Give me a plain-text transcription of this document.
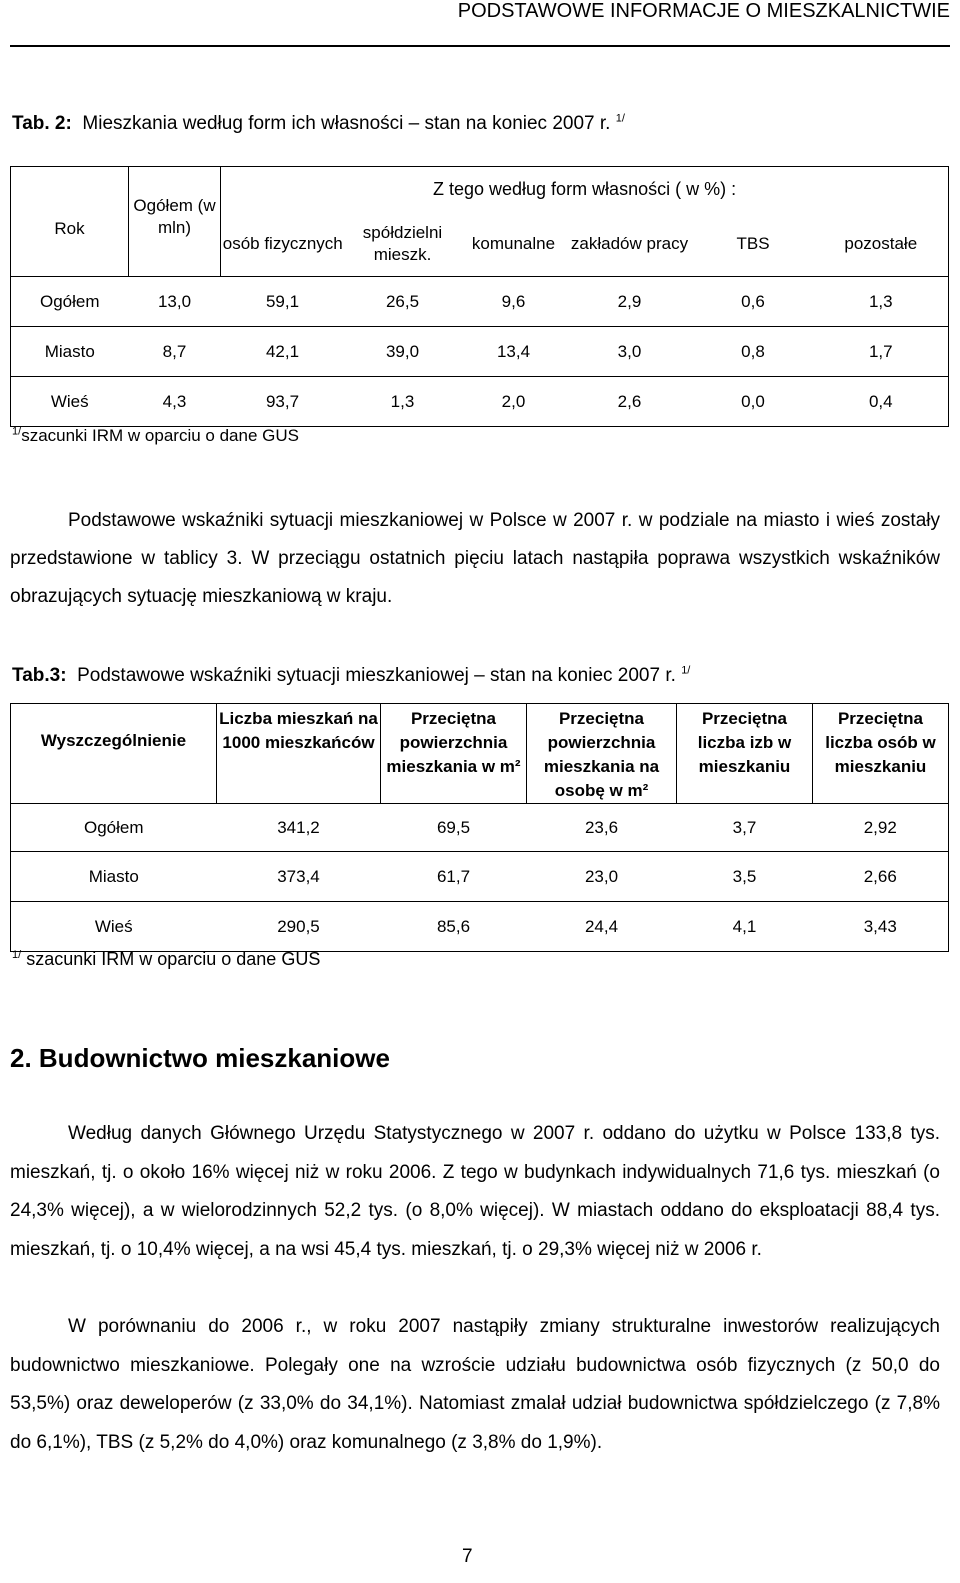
PODSTAWOWE INFORMACJE O MIESZKALNICTWIE
Tab. 2: Mieszkania według form ich własności – stan na koniec 2007 r. $^{1/}$
Rok	Ogółem (w mln)	Z tego według form własności ( w %) :					
		osób fizycznych	spółdzielni mieszk.	komunalne	zakładów pracy	TBS	pozostałe
Ogółem	13,0	59,1	26,5	9,6	2,9	0,6	1,3
Miasto	8,7	42,1	39,0	13,4	3,0	0,8	1,7
Wieś	4,3	93,7	1,3	2,0	2,6	0,0	0,4
$^{1/}$szacunki IRM w oparciu o dane GUS
Podstawowe wskaźniki sytuacji mieszkaniowej w Polsce w 2007 r. w podziale na miasto i wieś zostały przedstawione w tablicy 3. W przeciągu ostatnich pięciu latach nastąpiła poprawa wszystkich wskaźników obrazujących sytuację mieszkaniową w kraju.
Tab.3: Podstawowe wskaźniki sytuacji mieszkaniowej – stan na koniec 2007 r. $^{1/}$
Wyszczególnienie	Liczba mieszkań na 1000 mieszkańców	Przeciętna powierzchnia mieszkania w m²	Przeciętna powierzchnia mieszkania na osobę w m²	Przeciętna liczba izb w mieszkaniu	Przeciętna liczba osób w mieszkaniu
Ogółem	341,2	69,5	23,6	3,7	2,92
Miasto	373,4	61,7	23,0	3,5	2,66
Wieś	290,5	85,6	24,4	4,1	3,43
$^{1/}$ szacunki IRM w oparciu o dane GUS
2. Budownictwo mieszkaniowe
Według danych Głównego Urzędu Statystycznego w 2007 r. oddano do użytku w Polsce 133,8 tys. mieszkań, tj. o około 16% więcej niż w roku 2006. Z tego w budynkach indywidualnych 71,6 tys. mieszkań (o 24,3% więcej), a w wielorodzinnych 52,2 tys. (o 8,0% więcej). W miastach oddano do eksploatacji 88,4 tys. mieszkań, tj. o 10,4% więcej, a na wsi 45,4 tys. mieszkań, tj. o 29,3% więcej niż w 2006 r.
W porównaniu do 2006 r., w roku 2007 nastąpiły zmiany strukturalne inwestorów realizujących budownictwo mieszkaniowe. Polegały one na wzroście udziału budownictwa osób fizycznych (z 50,0 do 53,5%) oraz deweloperów (z 33,0% do 34,1%). Natomiast zmalał udział budownictwa spółdzielczego (z 7,8% do 6,1%), TBS (z 5,2% do 4,0%) oraz komunalnego (z 3,8% do 1,9%).
7
